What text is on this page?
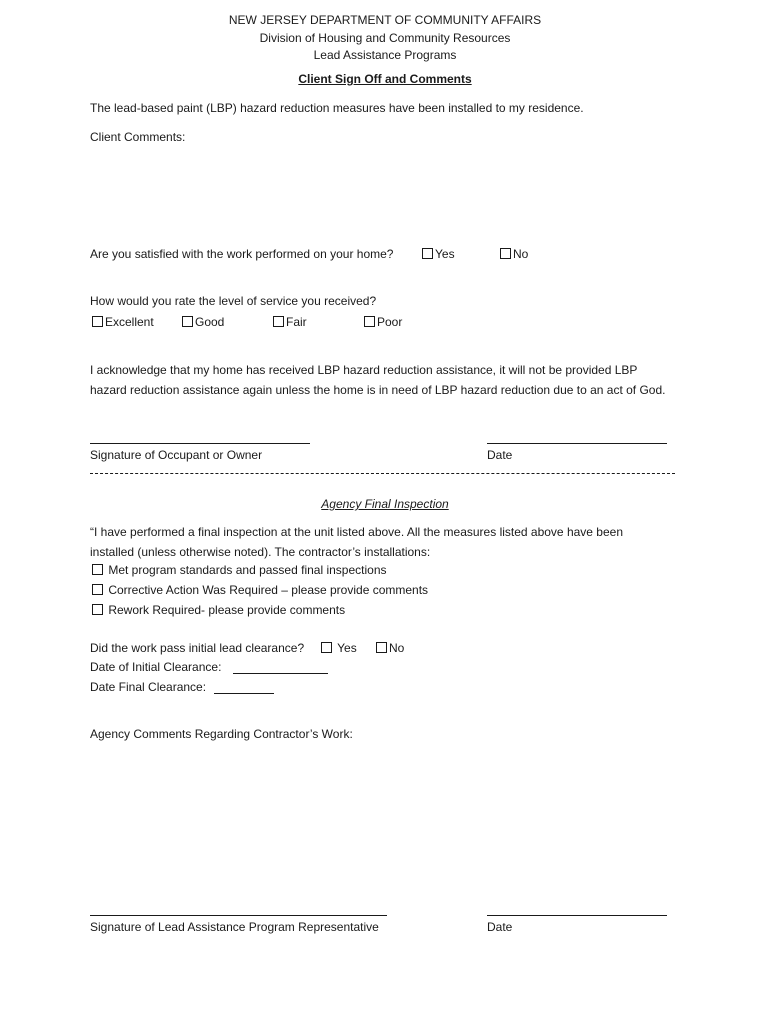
NEW JERSEY DEPARTMENT OF COMMUNITY AFFAIRS
Division of Housing and Community Resources
Lead Assistance Programs
Client Sign Off and Comments
The lead-based paint (LBP) hazard reduction measures have been installed to my residence.
Client Comments:
Are you satisfied with the work performed on your home?	Yes	No
How would you rate the level of service you received?
Excellent	Good	Fair	Poor
I acknowledge that my home has received LBP hazard reduction assistance, it will not be provided LBP hazard reduction assistance again unless the home is in need of LBP hazard reduction due to an act of God.
Signature of Occupant or Owner	Date
Agency Final Inspection
“I have performed a final inspection at the unit listed above. All the measures listed above have been installed (unless otherwise noted). The contractor’s installations:
Met program standards and passed final inspections
Corrective Action Was Required – please provide comments
Rework Required- please provide comments
Did the work pass initial lead clearance?	Yes	No
Date of Initial Clearance:
Date Final Clearance:
Agency Comments Regarding Contractor’s Work:
Signature of Lead Assistance Program Representative	Date
